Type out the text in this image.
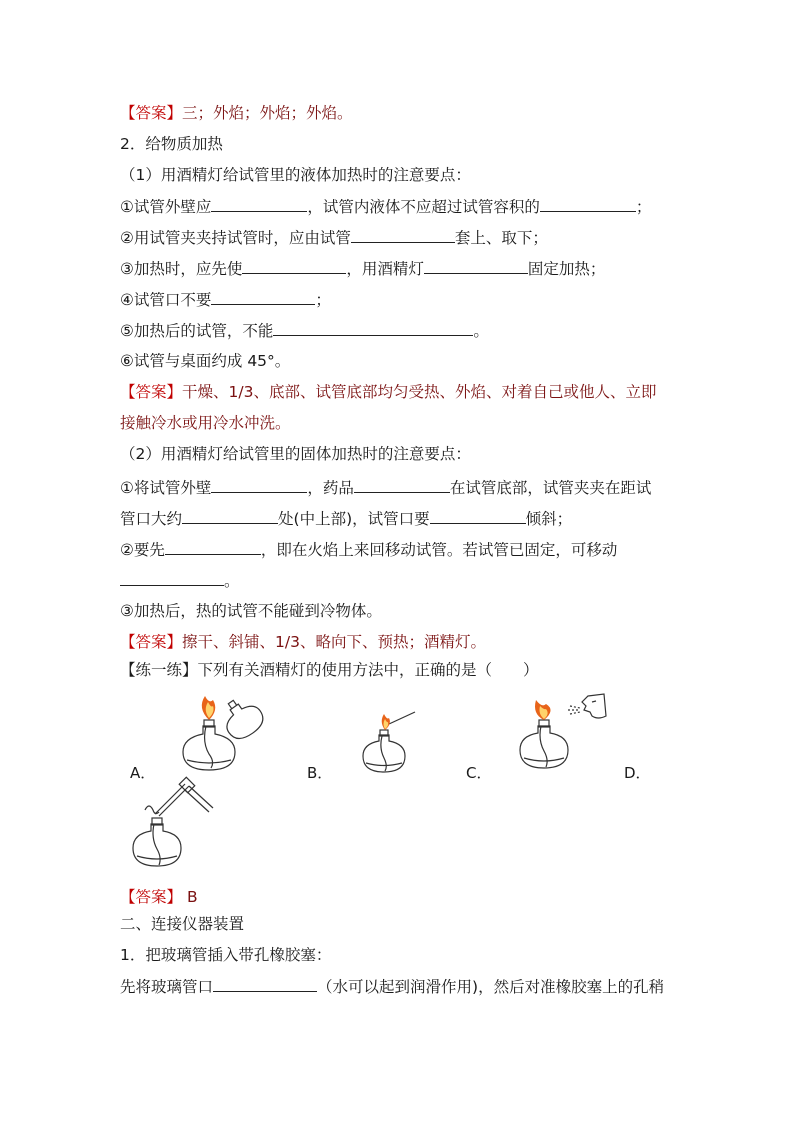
【答案】三；外焰；外焰；外焰。
2．给物质加热
（1）用酒精灯给试管里的液体加热时的注意要点：
①试管外壁应	，试管内液体不应超过试管容积的	；
②用试管夹夹持试管时，应由试管	套上、取下；
③加热时，应先使	，用酒精灯	固定加热；
④试管口不要	；
⑤加热后的试管，不能	。
⑥试管与桌面约成 45°。
【答案】干燥、1/3、底部、试管底部均匀受热、外焰、对着自己或他人、立即
接触冷水或用冷水冲洗。
（2）用酒精灯给试管里的固体加热时的注意要点：
①将试管外壁	，药品	在试管底部，试管夹夹在距试
管口大约	处(中上部)，试管口要	倾斜；
②要先	，即在火焰上来回移动试管。若试管已固定，可移动
。
③加热后，热的试管不能碰到冷物体。
【答案】擦干、斜铺、1/3、略向下、预热；酒精灯。
【练一练】下列有关酒精灯的使用方法中，正确的是（　　）
A．	B．	C．	D．
【答案】 B
二、连接仪器装置
1．把玻璃管插入带孔橡胶塞：
先将玻璃管口	（水可以起到润滑作用)，然后对准橡胶塞上的孔稍
